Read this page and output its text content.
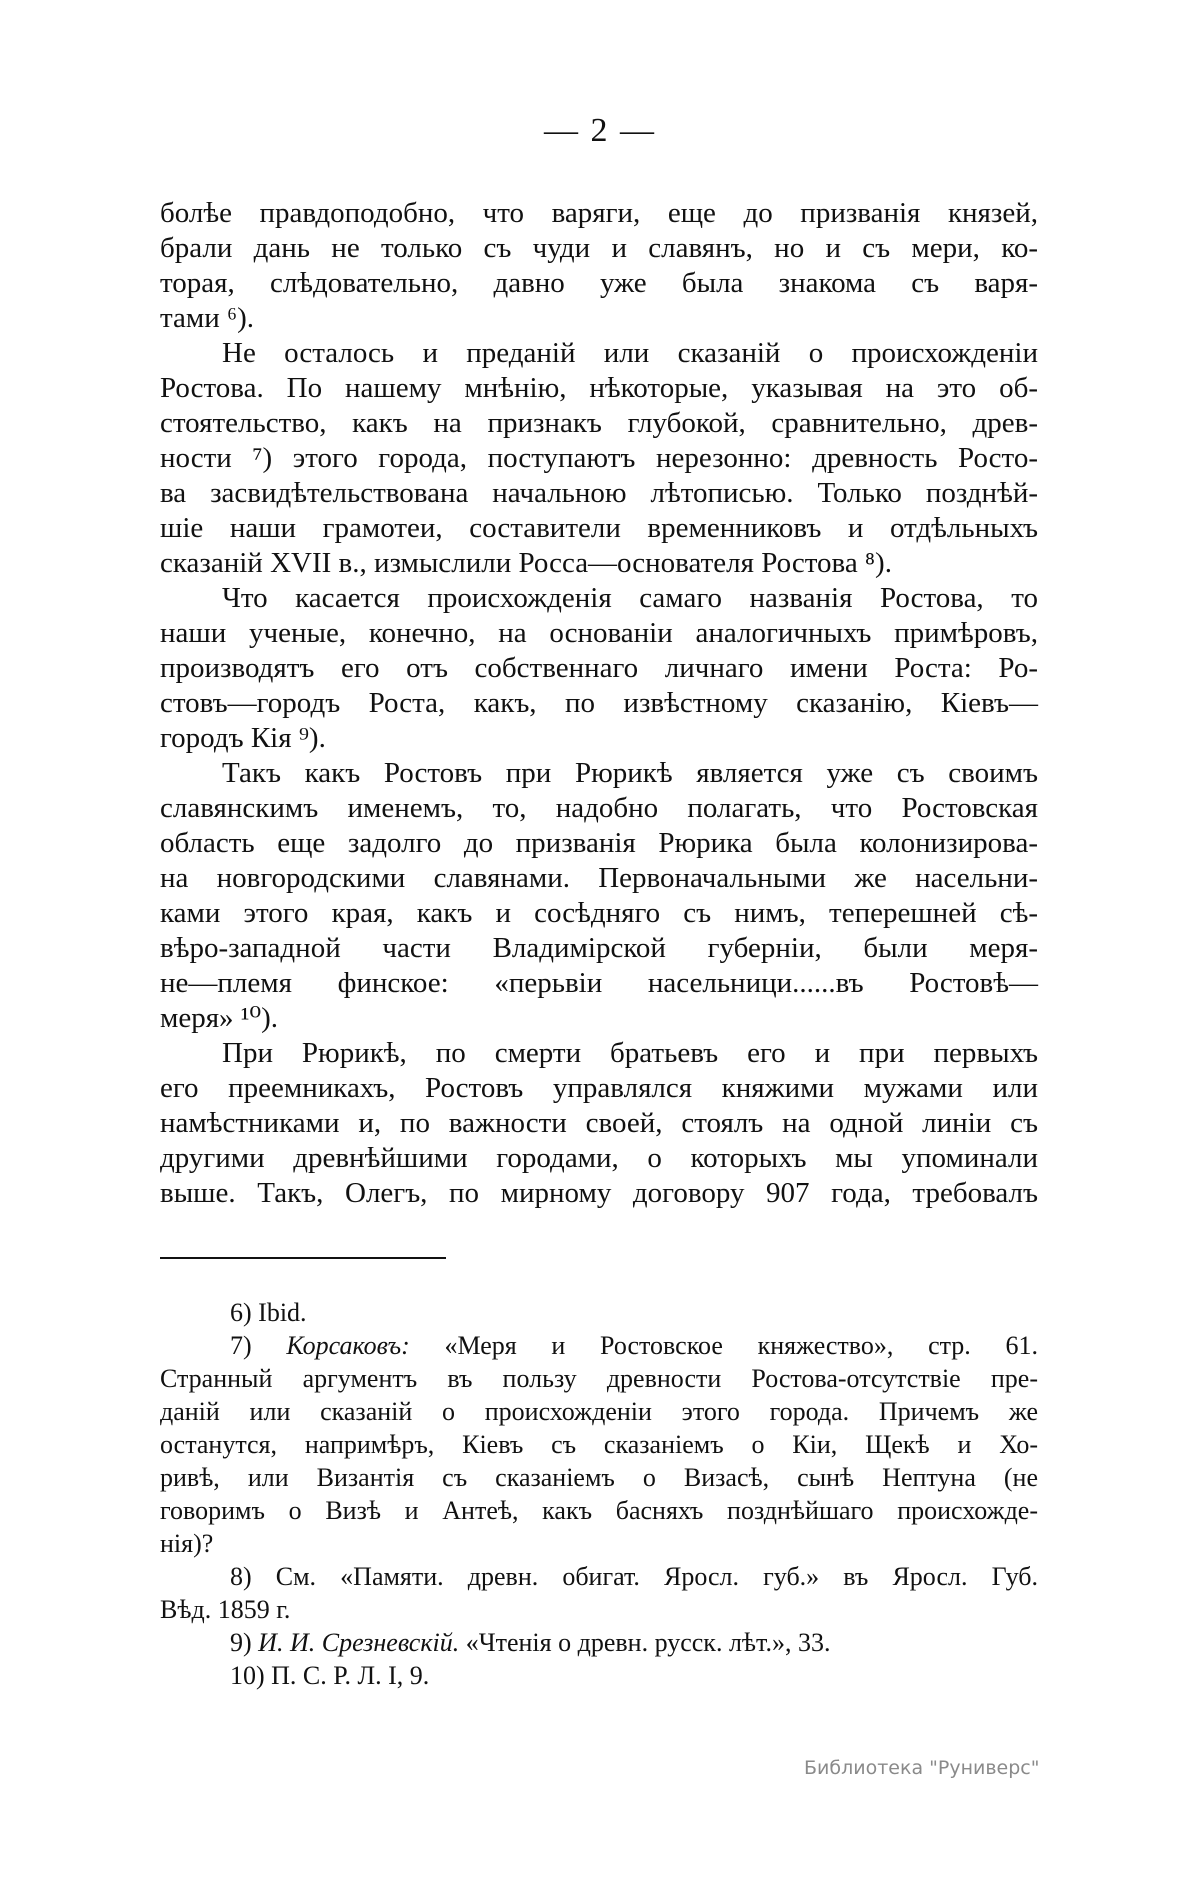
— 2 —
болѣе правдоподобно, что варяги, еще до призванія князей,
брали дань не только съ чуди и славянъ, но и съ мери, ко-
торая, слѣдовательно, давно уже была знакома съ варя-
тами ⁶).
Не осталось и преданій или сказаній о происхожденіи
Ростова. По нашему мнѣнію, нѣкоторые, указывая на это об-
стоятельство, какъ на признакъ глубокой, сравнительно, древ-
ности ⁷) этого города, поступаютъ нерезонно: древность Росто-
ва засвидѣтельствована начальною лѣтописью. Только позднѣй-
шіе наши грамотеи, составители временниковъ и отдѣльныхъ
сказаній XVII в., измыслили Росса—основателя Ростова ⁸).
Что касается происхожденія самаго названія Ростова, то
наши ученые, конечно, на основаніи аналогичныхъ примѣровъ,
производятъ его отъ собственнаго личнаго имени Роста: Ро-
стовъ—городъ Роста, какъ, по извѣстному сказанію, Кіевъ—
городъ Кія ⁹).
Такъ какъ Ростовъ при Рюрикѣ является уже съ своимъ
славянскимъ именемъ, то, надобно полагать, что Ростовская
область еще задолго до призванія Рюрика была колонизирова-
на новгородскими славянами. Первоначальными же насельни-
ками этого края, какъ и сосѣдняго съ нимъ, теперешней сѣ-
вѣро-западной части Владимірской губерніи, были меря-
не—племя финское: «перьвіи насельници......въ Ростовѣ—
меря» ¹⁰).
При Рюрикѣ, по смерти братьевъ его и при первыхъ
его преемникахъ, Ростовъ управлялся княжими мужами или
намѣстниками и, по важности своей, стоялъ на одной линіи съ
другими древнѣйшими городами, о которыхъ мы упоминали
выше. Такъ, Олегъ, по мирному договору 907 года, требовалъ
6) Ibid.
7) Корсаковъ: «Меря и Ростовское княжество», стр. 61.
Странный аргументъ въ пользу древности Ростова-отсутствіе пре-
даній или сказаній о происхожденіи этого города. Причемъ же
останутся, напримѣръ, Кіевъ съ сказаніемъ о Кіи, Щекѣ и Хо-
ривѣ, или Византія съ сказаніемъ о Визасѣ, сынѣ Нептуна (не
говоримъ о Визѣ и Антеѣ, какъ басняхъ позднѣйшаго происхожде-
нія)?
8) См. «Памяти. древн. обигат. Яросл. губ.» въ Яросл. Губ.
Вѣд. 1859 г.
9) И. И. Срезневскій. «Чтенія о древн. русск. лѣт.», 33.
10) П. С. Р. Л. I, 9.
Библиотека "Руниверс"
